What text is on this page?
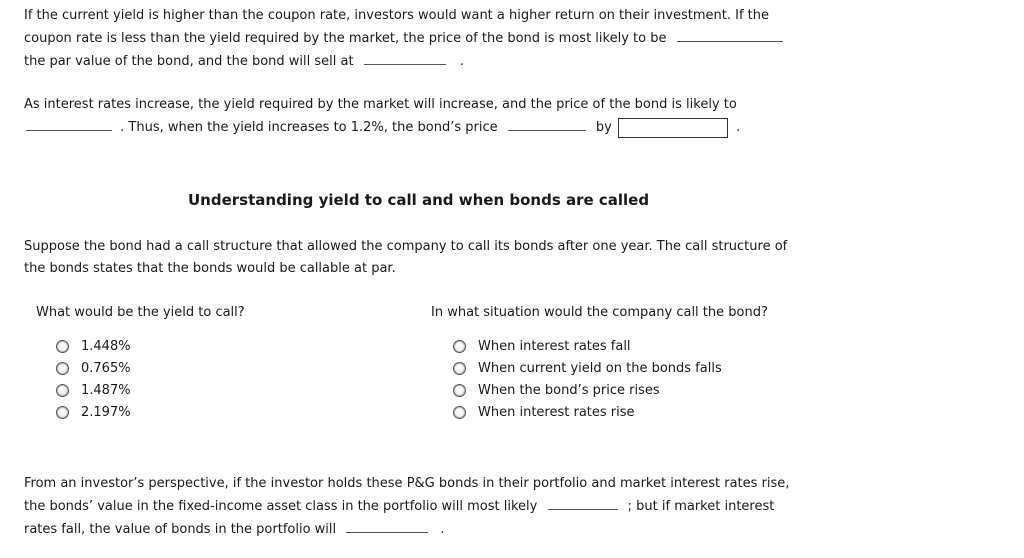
If the current yield is higher than the coupon rate, investors would want a higher return on their investment. If the
coupon rate is less than the yield required by the market, the price of the bond is most likely to be
the par value of the bond, and the bond will sell at	.
As interest rates increase, the yield required by the market will increase, and the price of the bond is likely to
. Thus, when the yield increases to 1.2%, the bond’s price	by	.
Understanding yield to call and when bonds are called
Suppose the bond had a call structure that allowed the company to call its bonds after one year. The call structure of
the bonds states that the bonds would be callable at par.
What would be the yield to call?
1.448%
0.765%
1.487%
2.197%
In what situation would the company call the bond?
When interest rates fall
When current yield on the bonds falls
When the bond’s price rises
When interest rates rise
From an investor’s perspective, if the investor holds these P&G bonds in their portfolio and market interest rates rise,
the bonds’ value in the fixed-income asset class in the portfolio will most likely	; but if market interest
rates fall, the value of bonds in the portfolio will	.
